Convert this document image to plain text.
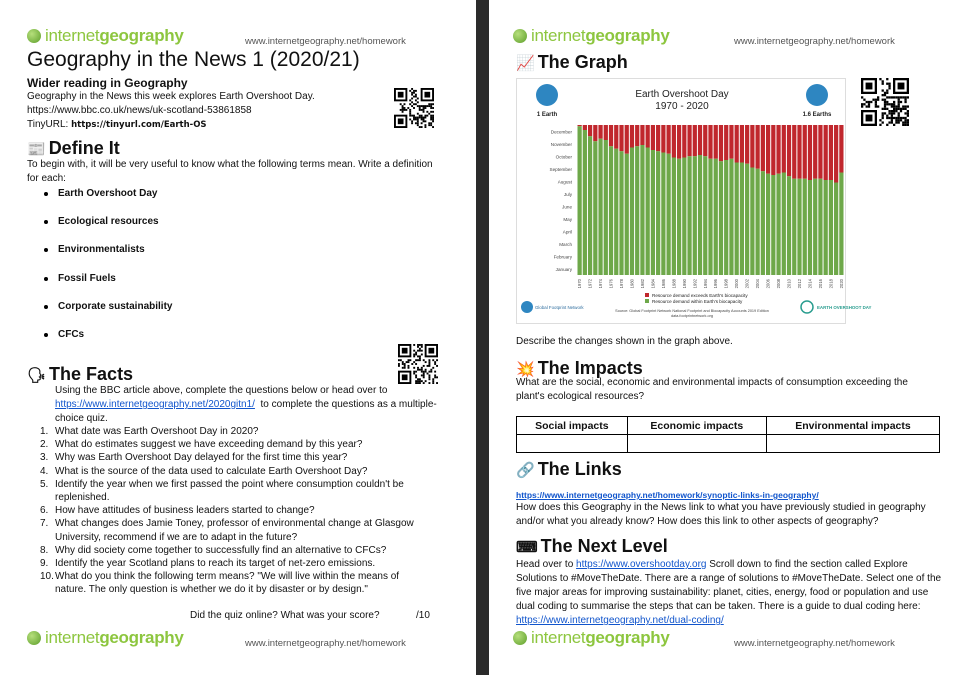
internet geography	www.internetgeography.net/homework
Geography in the News 1 (2020/21)
Wider reading in Geography
Geography in the News this week explores Earth Overshoot Day.
https://www.bbc.co.uk/news/uk-scotland-53861858
TinyURL: https://tinyurl.com/Earth-OS
📰 Define It
To begin with, it will be very useful to know what the following terms mean. Write a definition for each:
Earth Overshoot Day
Ecological resources
Environmentalists
Fossil Fuels
Corporate sustainability
CFCs
🗣 The Facts
Using the BBC article above, complete the questions below or head over to https://www.internetgeography.net/2020gitn1/ to complete the questions as a multiple-choice quiz.
1. What date was Earth Overshoot Day in 2020?
2. What do estimates suggest we have exceeding demand by this year?
3. Why was Earth Overshoot Day delayed for the first time this year?
4. What is the source of the data used to calculate Earth Overshoot Day?
5. Identify the year when we first passed the point where consumption couldn't be replenished.
6. How have attitudes of business leaders started to change?
7. What changes does Jamie Toney, professor of environmental change at Glasgow University, recommend if we are to adapt in the future?
8. Why did society come together to successfully find an alternative to CFCs?
9. Identify the year Scotland plans to reach its target of net-zero emissions.
10. What do you think the following term means? "We will live within the means of nature. The only question is whether we do it by disaster or by design."
Did the quiz online? What was your score?	/10
internet geography	www.internetgeography.net/homework
internet geography	www.internetgeography.net/homework
📈 The Graph
Earth Overshoot Day
1970 - 2020
1 Earth	1.6 Earths
January
February
March
April
May
June
July
August
September
October
November
December
1970 1972 1974 1976 1978 1980 1982 1984 1986 1988 1990 1992 1994 1996 1998 2000 2002 2004 2006 2008 2010 2012 2014 2016 2018 2020
Resource demand exceeds Earth's biocapacity
Resource demand within Earth's biocapacity
Source: Global Footprint Network National Footprint and Biocapacity Accounts 2019 Edition
data.footprintnetwork.org
Global Footprint Network	EARTH OVERSHOOT DAY
Describe the changes shown in the graph above.
💥 The Impacts
What are the social, economic and environmental impacts of consumption exceeding the plant's ecological resources?
Social impacts	Economic impacts	Environmental impacts

🔗 The Links
https://www.internetgeography.net/homework/synoptic-links-in-geography/
How does this Geography in the News link to what you have previously studied in geography and/or what you already know? How does this link to other aspects of geography?
⌨ The Next Level
Head over to https://www.overshootday.org Scroll down to find the section called Explore Solutions to #MoveTheDate. There are a range of solutions to #MoveTheDate. Select one of the five major areas for improving sustainability: planet, cities, energy, food or population and use dual coding to summarise the steps that can be taken. There is a guide to dual coding here: https://www.internetgeography.net/dual-coding/
internet geography	www.internetgeography.net/homework
